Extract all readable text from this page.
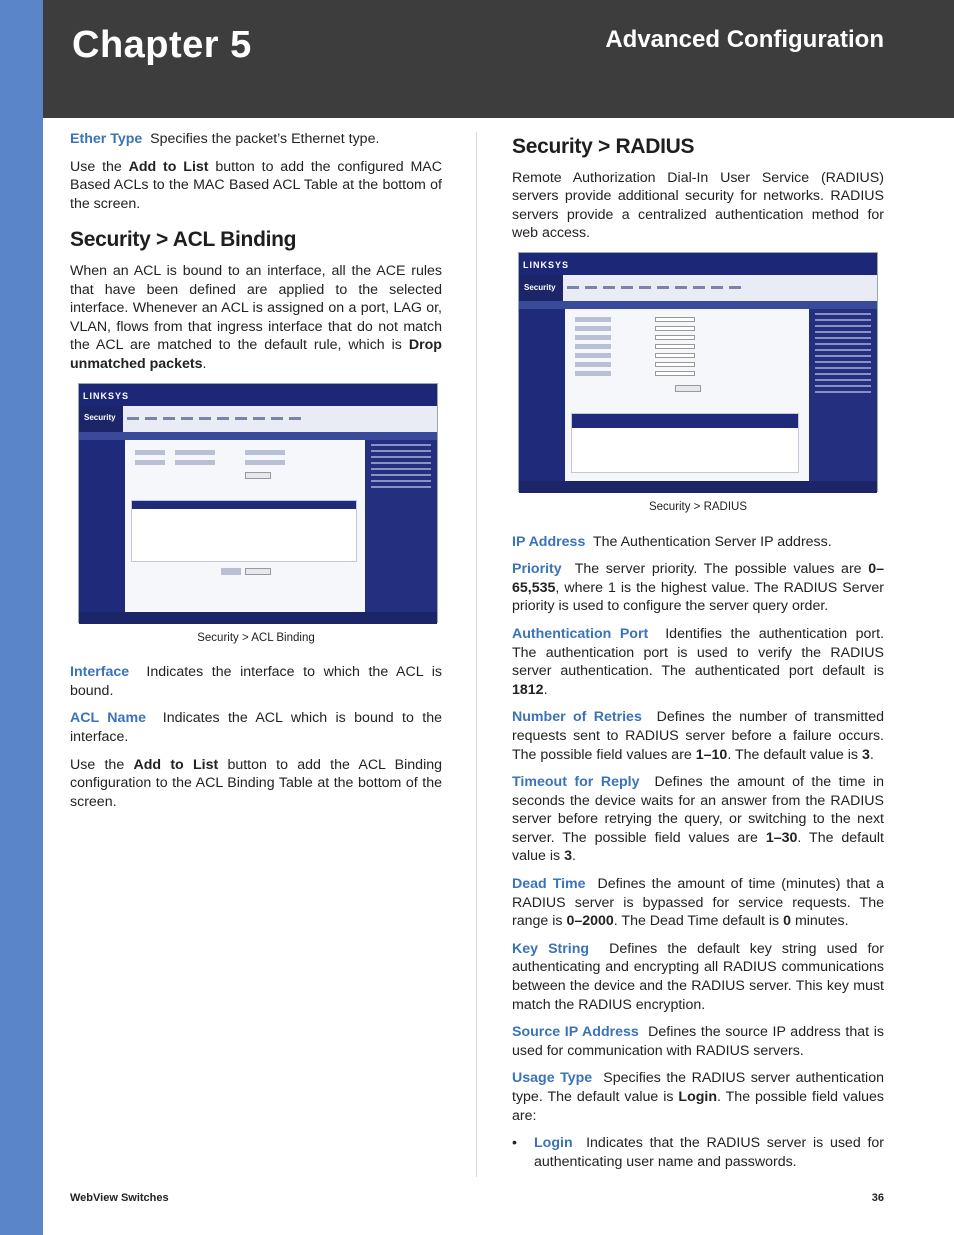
Chapter 5	Advanced Configuration

Ether Type Specifies the packet’s Ethernet type.

Use the Add to List button to add the configured MAC Based ACLs to the MAC Based ACL Table at the bottom of the screen.

Security > ACL Binding

When an ACL is bound to an interface, all the ACE rules that have been defined are applied to the selected interface. Whenever an ACL is assigned on a port, LAG or, VLAN, flows from that ingress interface that do not match the ACL are matched to the default rule, which is Drop unmatched packets.

LINKSYS
Security
Security > ACL Binding

Interface Indicates the interface to which the ACL is bound.

ACL Name Indicates the ACL which is bound to the interface.

Use the Add to List button to add the ACL Binding configuration to the ACL Binding Table at the bottom of the screen.

Security > RADIUS

Remote Authorization Dial-In User Service (RADIUS) servers provide additional security for networks. RADIUS servers provide a centralized authentication method for web access.

LINKSYS
Security
Security > RADIUS

IP Address The Authentication Server IP address.

Priority The server priority. The possible values are 0–65,535, where 1 is the highest value. The RADIUS Server priority is used to configure the server query order.

Authentication Port Identifies the authentication port. The authentication port is used to verify the RADIUS server authentication. The authenticated port default is 1812.

Number of Retries Defines the number of transmitted requests sent to RADIUS server before a failure occurs. The possible field values are 1–10. The default value is 3.

Timeout for Reply Defines the amount of the time in seconds the device waits for an answer from the RADIUS server before retrying the query, or switching to the next server. The possible field values are 1–30. The default value is 3.

Dead Time Defines the amount of time (minutes) that a RADIUS server is bypassed for service requests. The range is 0–2000. The Dead Time default is 0 minutes.

Key String Defines the default key string used for authenticating and encrypting all RADIUS communications between the device and the RADIUS server. This key must match the RADIUS encryption.

Source IP Address Defines the source IP address that is used for communication with RADIUS servers.

Usage Type Specifies the RADIUS server authentication type. The default value is Login. The possible field values are:

•	Login Indicates that the RADIUS server is used for authenticating user name and passwords.
WebView Switches	36
